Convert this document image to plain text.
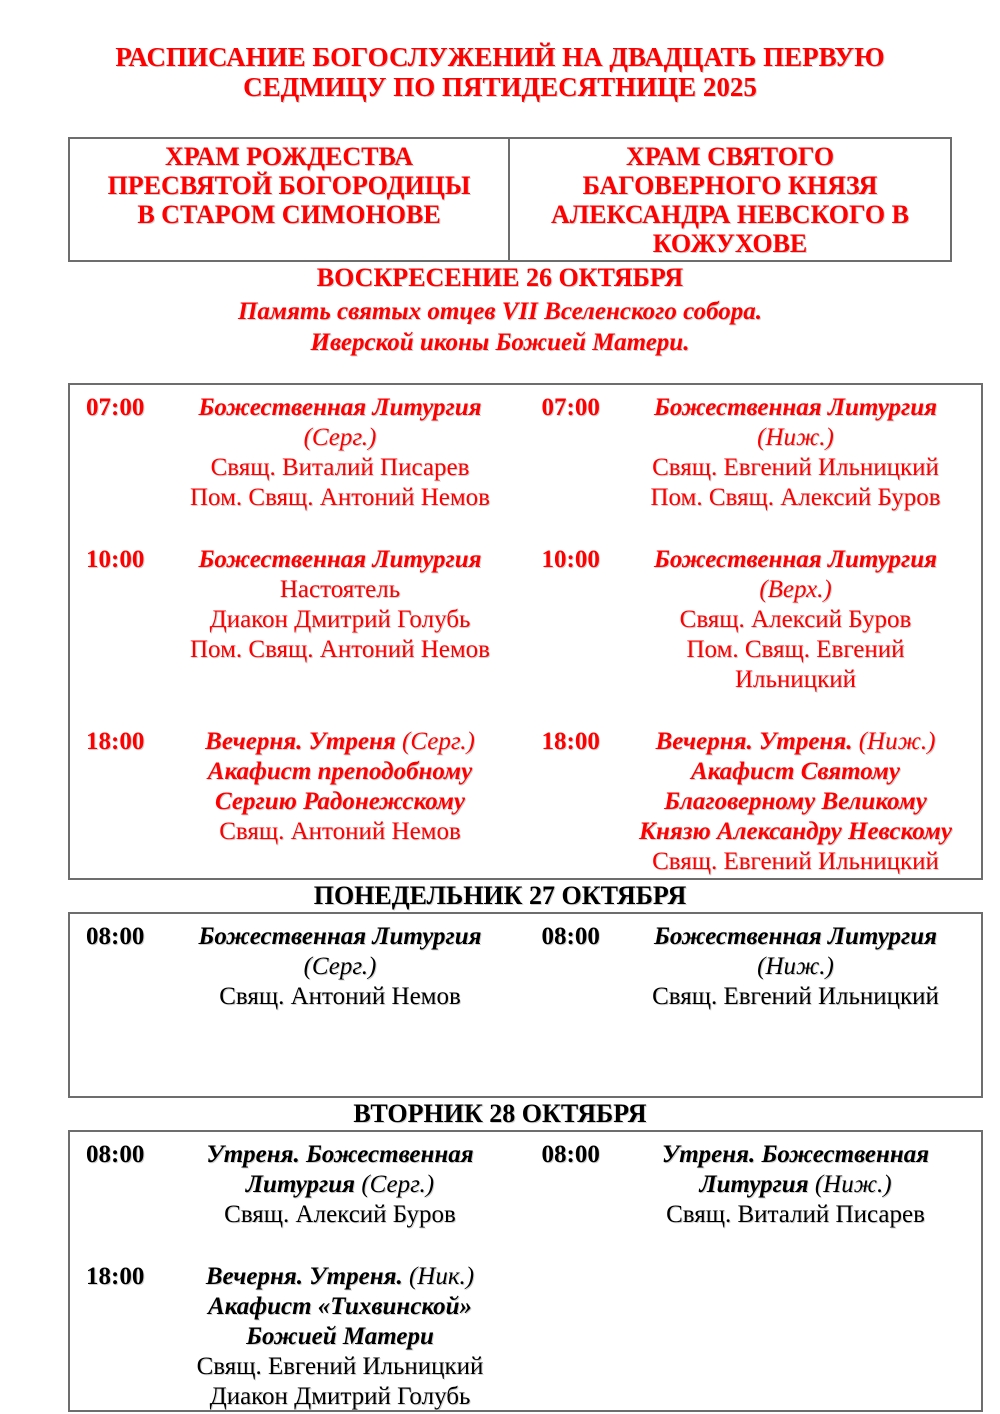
РАСПИСАНИЕ БОГОСЛУЖЕНИЙ НА ДВАДЦАТЬ ПЕРВУЮ СЕДМИЦУ ПО ПЯТИДЕСЯТНИЦЕ 2025
ХРАМ РОЖДЕСТВА ПРЕСВЯТОЙ БОГОРОДИЦЫ В СТАРОМ СИМОНОВЕ
ХРАМ СВЯТОГО БАГОВЕРНОГО КНЯЗЯ АЛЕКСАНДРА НЕВСКОГО В КОЖУХОВЕ
ВОСКРЕСЕНИЕ 26 ОКТЯБРЯ
Память святых отцев VII Вселенского собора.
Иверской иконы Божией Матери.
07:00	Божественная Литургия
(Серг.)
Свящ. Виталий Писарев
Пом. Свящ. Антоний Немов
07:00	Божественная Литургия
(Ниж.)
Свящ. Евгений Ильницкий
Пом. Свящ. Алексий Буров
10:00	Божественная Литургия
Настоятель
Диакон Дмитрий Голубь
Пом. Свящ. Антоний Немов
10:00	Божественная Литургия
(Верх.)
Свящ. Алексий Буров
Пом. Свящ. Евгений Ильницкий
18:00	Вечерня. Утреня (Серг.)
Акафист преподобному Сергию Радонежскому
Свящ. Антоний Немов
18:00	Вечерня. Утреня. (Ниж.)
Акафист Святому Благоверному Великому Князю Александру Невскому
Свящ. Евгений Ильницкий
ПОНЕДЕЛЬНИК 27 ОКТЯБРЯ
08:00	Божественная Литургия
(Серг.)
Свящ. Антоний Немов
08:00	Божественная Литургия
(Ниж.)
Свящ. Евгений Ильницкий
ВТОРНИК 28 ОКТЯБРЯ
08:00	Утреня. Божественная Литургия (Серг.)
Свящ. Алексий Буров
08:00	Утреня. Божественная Литургия (Ниж.)
Свящ. Виталий Писарев
18:00	Вечерня. Утреня. (Ник.)
Акафист «Тихвинской» Божией Матери
Свящ. Евгений Ильницкий
Диакон Дмитрий Голубь
